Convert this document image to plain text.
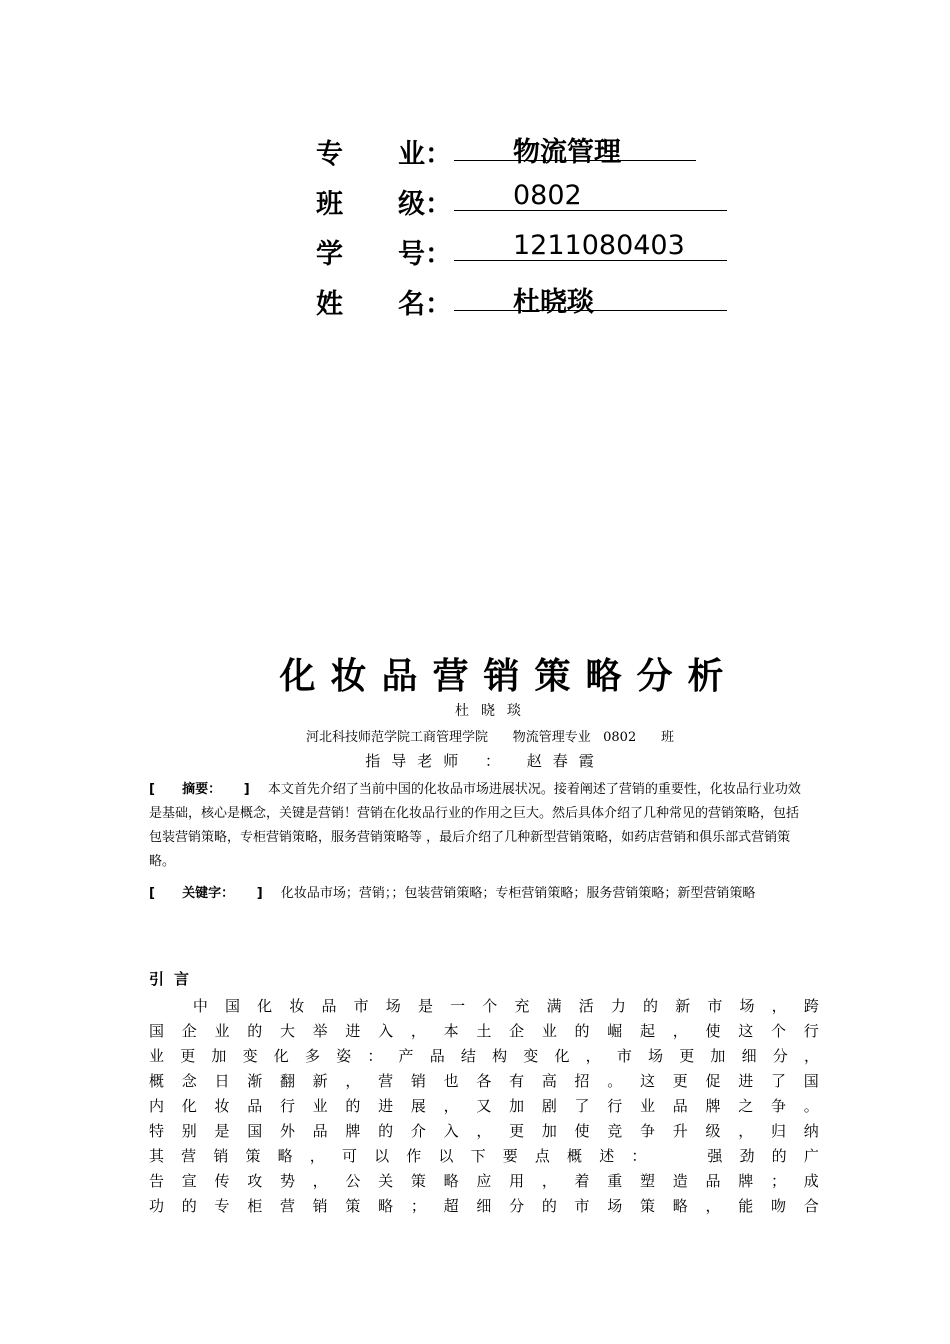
专 业 ： 物流管理
班 级 ： 0802
学 号 ： 1211080403
姓 名 ： 杜晓琰
化妆品营销策略分析
杜晓琰
河北科技师范学院工商管理学院      物流管理专业   0802      班
指导老师 ： 赵春霞
[      摘要：     ] 本文首先介绍了当前中国的化妆品市场进展状况。接着阐述了营销的重要性，化妆品行业功效是基础，核心是概念，关键是营销！营销在化妆品行业的作用之巨大。然后具体介绍了几种常见的营销策略，包括包装营销策略，专柜营销策略，服务营销策略等 ，最后介绍了几种新型营销策略，如药店营销和俱乐部式营销策略。
[      关键字：     ] 化妆品市场；营销；；包装营销策略；专柜营销策略；服务营销策略；新型营销策略
引言

中 国 化 妆 品 市 场 是 一 个 充 满 活 力 的 新 市 场 ， 跨
国 企 业 的 大 举 进 入 ， 本 土 企 业 的 崛 起 ， 使 这 个 行
业 更 加 变 化 多 姿 ： 产 品 结 构 变 化 ， 市 场 更 加 细 分 ，
概 念 日 渐 翻 新 ， 营 销 也 各 有 高 招 。 这 更 促 进 了 国
内 化 妆 品 行 业 的 进 展 ， 又 加 剧 了 行 业 品 牌 之 争 。
特 别 是 国 外 品 牌 的 介 入 ， 更 加 使 竞 争 升 级 ， 归 纳
其 营 销 策 略 ， 可 以 作 以 下 要 点 概 述 ：

	强 劲 的 广
告 宣 传 攻 势 ， 公 关 策 略 应 用 ， 着 重 塑 造 品 牌 ； 成
功 的 专 柜 营 销 策 略 ； 超 细 分 的 市 场 策 略 ， 能 吻 合
